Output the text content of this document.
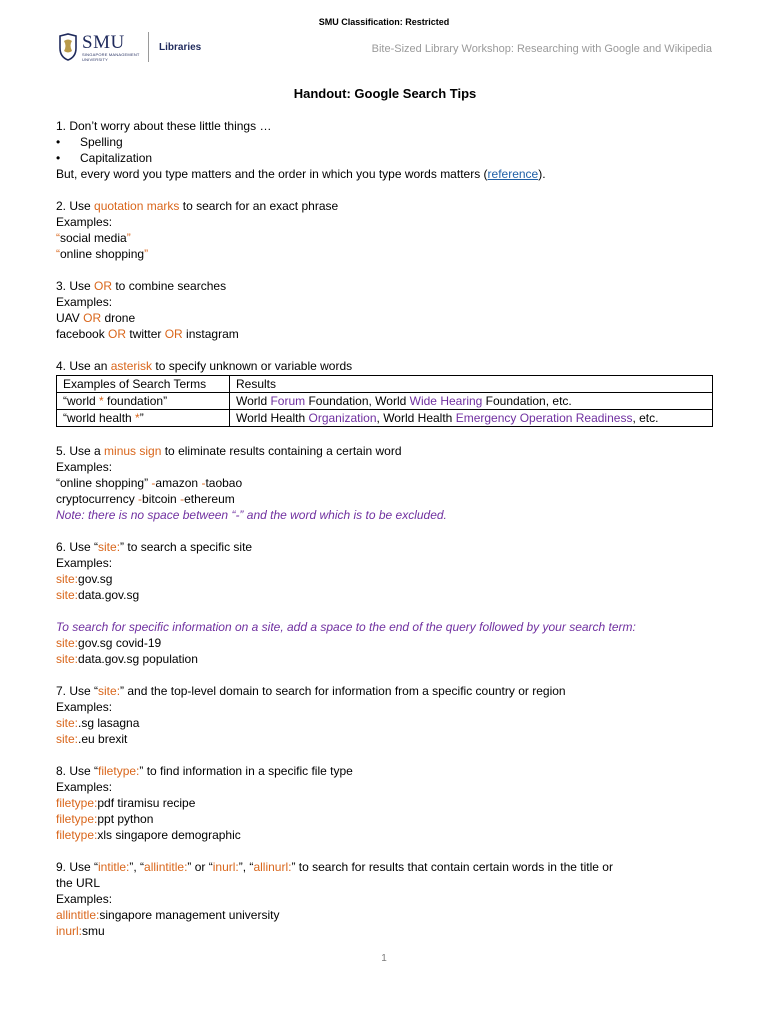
SMU Classification: Restricted
SMU
SINGAPORE MANAGEMENT UNIVERSITY
Libraries	Bite-Sized Library Workshop: Researching with Google and Wikipedia
Handout: Google Search Tips
1. Don’t worry about these little things …
• Spelling
• Capitalization
But, every word you type matters and the order in which you type words matters (reference).
2. Use quotation marks to search for an exact phrase
Examples:
“social media”
“online shopping”
3. Use OR to combine searches
Examples:
UAV OR drone
facebook OR twitter OR instagram
4. Use an asterisk to specify unknown or variable words
Examples of Search Terms	Results
“world * foundation”	World Forum Foundation, World Wide Hearing Foundation, etc.
“world health *”	World Health Organization, World Health Emergency Operation Readiness, etc.
5. Use a minus sign to eliminate results containing a certain word
Examples:
“online shopping” -amazon -taobao
cryptocurrency -bitcoin -ethereum
Note: there is no space between “-” and the word which is to be excluded.
6. Use “site:” to search a specific site
Examples:
site:gov.sg
site:data.gov.sg
To search for specific information on a site, add a space to the end of the query followed by your search term:
site:gov.sg covid-19
site:data.gov.sg population
7. Use “site:” and the top-level domain to search for information from a specific country or region
Examples:
site:.sg lasagna
site:.eu brexit
8. Use “filetype:” to find information in a specific file type
Examples:
filetype:pdf tiramisu recipe
filetype:ppt python
filetype:xls singapore demographic
9. Use “intitle:”, “allintitle:” or “inurl:”, “allinurl:” to search for results that contain certain words in the title or
the URL
Examples:
allintitle:singapore management university
inurl:smu
1
